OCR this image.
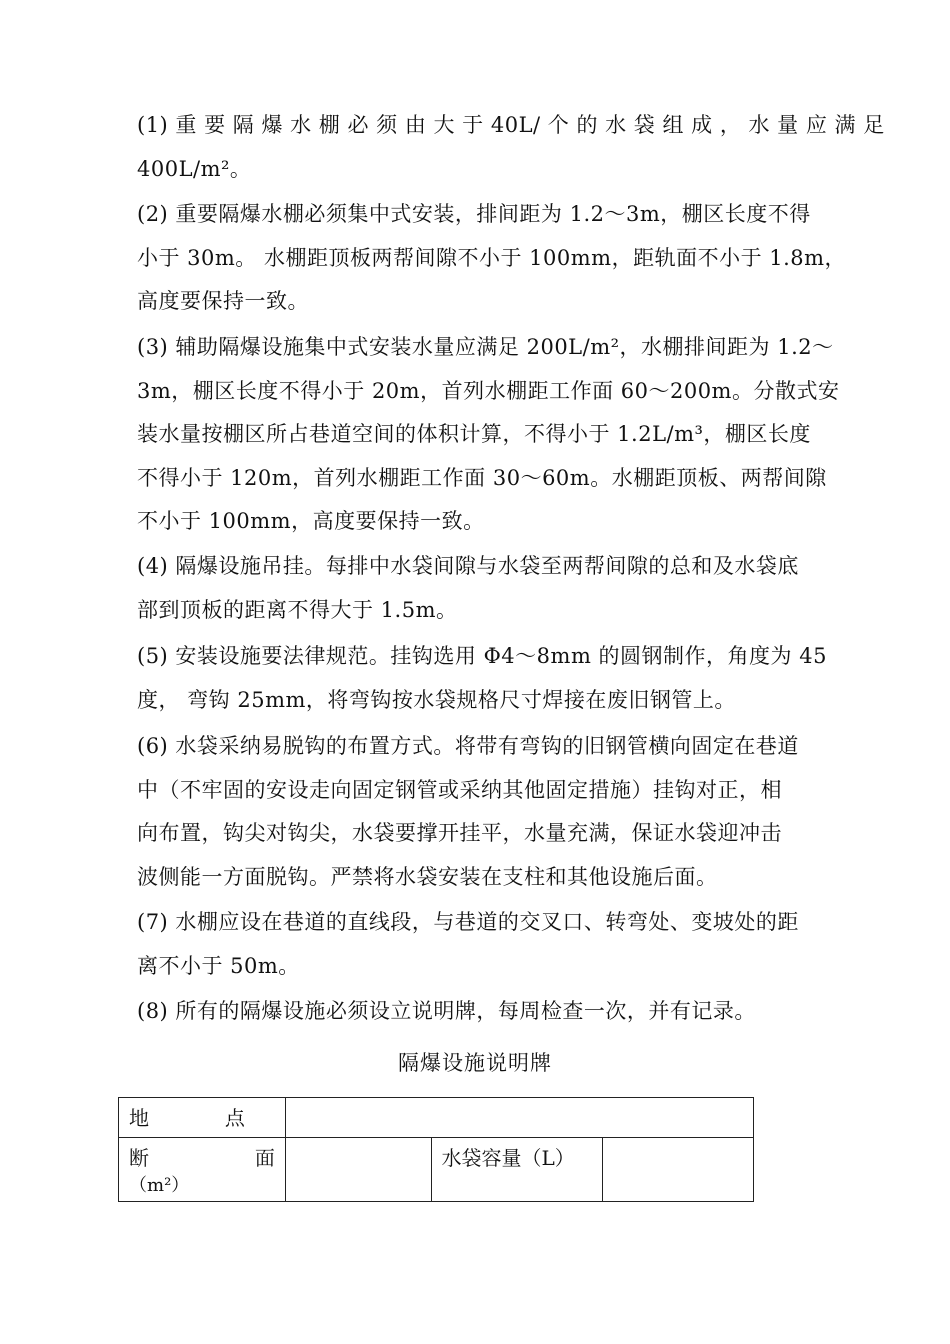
(1) 重 要 隔 爆 水 棚 必 须 由 大 于 40L/ 个 的 水 袋 组 成 ， 水 量 应 满 足
400L/m²。
(2) 重要隔爆水棚必须集中式安装，排间距为 1.2～3m，棚区长度不得
小于 30m。 水棚距顶板两帮间隙不小于 100mm，距轨面不小于 1.8m，
高度要保持一致。
(3) 辅助隔爆设施集中式安装水量应满足 200L/m²，水棚排间距为 1.2～
3m，棚区长度不得小于 20m，首列水棚距工作面 60～200m。分散式安
装水量按棚区所占巷道空间的体积计算，不得小于 1.2L/m³，棚区长度
不得小于 120m，首列水棚距工作面 30～60m。水棚距顶板、两帮间隙
不小于 100mm，高度要保持一致。
(4) 隔爆设施吊挂。每排中水袋间隙与水袋至两帮间隙的总和及水袋底
部到顶板的距离不得大于 1.5m。
(5) 安装设施要法律规范。挂钩选用 Φ4～8mm 的圆钢制作，角度为 45
度， 弯钩 25mm，将弯钩按水袋规格尺寸焊接在废旧钢管上。
(6) 水袋采纳易脱钩的布置方式。将带有弯钩的旧钢管横向固定在巷道
中（不牢固的安设走向固定钢管或采纳其他固定措施）挂钩对正，相
向布置，钩尖对钩尖，水袋要撑开挂平，水量充满，保证水袋迎冲击
波侧能一方面脱钩。严禁将水袋安装在支柱和其他设施后面。
(7) 水棚应设在巷道的直线段，与巷道的交叉口、转弯处、变坡处的距
离不小于 50m。
(8) 所有的隔爆设施必须设立说明牌，每周检查一次，并有记录。
隔爆设施说明牌
地 点			

断 面
（m²）		水袋容量（L）	
